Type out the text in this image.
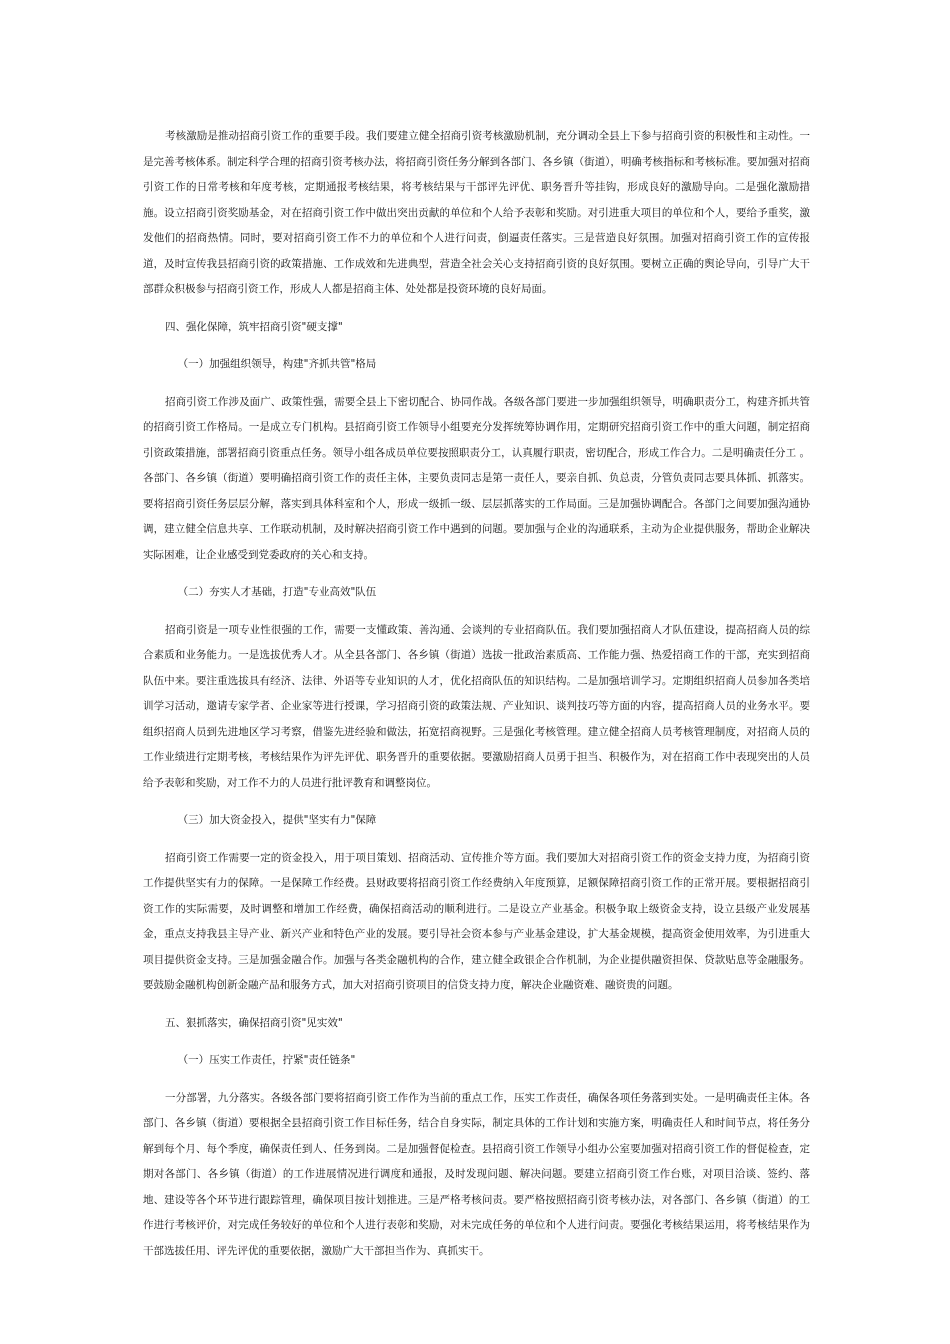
考核激励是推动招商引资工作的重要手段。我们要建立健全招商引资考核激励机制，充分调动全县上下参与招商引资的积极性和主动性。一是完善考核体系。制定科学合理的招商引资考核办法，将招商引资任务分解到各部门、各乡镇（街道），明确考核指标和考核标准。要加强对招商引资工作的日常考核和年度考核，定期通报考核结果，将考核结果与干部评先评优、职务晋升等挂钩，形成良好的激励导向。二是强化激励措施。设立招商引资奖励基金，对在招商引资工作中做出突出贡献的单位和个人给予表彰和奖励。对引进重大项目的单位和个人，要给予重奖，激发他们的招商热情。同时，要对招商引资工作不力的单位和个人进行问责，倒逼责任落实。三是营造良好氛围。加强对招商引资工作的宣传报道，及时宣传我县招商引资的政策措施、工作成效和先进典型，营造全社会关心支持招商引资的良好氛围。要树立正确的舆论导向，引导广大干部群众积极参与招商引资工作，形成人人都是招商主体、处处都是投资环境的良好局面。

四、强化保障，筑牢招商引资"硬支撑"

（一）加强组织领导，构建"齐抓共管"格局

招商引资工作涉及面广、政策性强，需要全县上下密切配合、协同作战。各级各部门要进一步加强组织领导，明确职责分工，构建齐抓共管的招商引资工作格局。一是成立专门机构。县招商引资工作领导小组要充分发挥统筹协调作用，定期研究招商引资工作中的重大问题，制定招商引资政策措施，部署招商引资重点任务。领导小组各成员单位要按照职责分工，认真履行职责，密切配合，形成工作合力。二是明确责任分工 。各部门、各乡镇（街道）要明确招商引资工作的责任主体，主要负责同志是第一责任人，要亲自抓、负总责，分管负责同志要具体抓、抓落实。要将招商引资任务层层分解，落实到具体科室和个人，形成一级抓一级、层层抓落实的工作局面。三是加强协调配合。各部门之间要加强沟通协调，建立健全信息共享、工作联动机制，及时解决招商引资工作中遇到的问题。要加强与企业的沟通联系，主动为企业提供服务，帮助企业解决实际困难，让企业感受到党委政府的关心和支持。

（二）夯实人才基础，打造"专业高效"队伍

招商引资是一项专业性很强的工作，需要一支懂政策、善沟通、会谈判的专业招商队伍。我们要加强招商人才队伍建设，提高招商人员的综合素质和业务能力。一是选拔优秀人才。从全县各部门、各乡镇（街道）选拔一批政治素质高、工作能力强、热爱招商工作的干部，充实到招商队伍中来。要注重选拔具有经济、法律、外语等专业知识的人才，优化招商队伍的知识结构。二是加强培训学习。定期组织招商人员参加各类培训学习活动，邀请专家学者、企业家等进行授课，学习招商引资的政策法规、产业知识、谈判技巧等方面的内容，提高招商人员的业务水平。要组织招商人员到先进地区学习考察，借鉴先进经验和做法，拓宽招商视野。三是强化考核管理。建立健全招商人员考核管理制度，对招商人员的工作业绩进行定期考核，考核结果作为评先评优、职务晋升的重要依据。要激励招商人员勇于担当、积极作为，对在招商工作中表现突出的人员给予表彰和奖励，对工作不力的人员进行批评教育和调整岗位。

（三）加大资金投入，提供"坚实有力"保障

招商引资工作需要一定的资金投入，用于项目策划、招商活动、宣传推介等方面。我们要加大对招商引资工作的资金支持力度，为招商引资工作提供坚实有力的保障。一是保障工作经费。县财政要将招商引资工作经费纳入年度预算，足额保障招商引资工作的正常开展。要根据招商引资工作的实际需要，及时调整和增加工作经费，确保招商活动的顺利进行。二是设立产业基金。积极争取上级资金支持，设立县级产业发展基金，重点支持我县主导产业、新兴产业和特色产业的发展。要引导社会资本参与产业基金建设，扩大基金规模，提高资金使用效率，为引进重大项目提供资金支持。三是加强金融合作。加强与各类金融机构的合作，建立健全政银企合作机制，为企业提供融资担保、贷款贴息等金融服务。要鼓励金融机构创新金融产品和服务方式，加大对招商引资项目的信贷支持力度，解决企业融资难、融资贵的问题。

五、狠抓落实，确保招商引资"见实效"

（一）压实工作责任，拧紧"责任链条"

一分部署，九分落实。各级各部门要将招商引资工作作为当前的重点工作，压实工作责任，确保各项任务落到实处。一是明确责任主体。各部门、各乡镇（街道）要根据全县招商引资工作目标任务，结合自身实际，制定具体的工作计划和实施方案，明确责任人和时间节点，将任务分解到每个月、每个季度，确保责任到人、任务到岗。二是加强督促检查。县招商引资工作领导小组办公室要加强对招商引资工作的督促检查，定期对各部门、各乡镇（街道）的工作进展情况进行调度和通报，及时发现问题、解决问题。要建立招商引资工作台账，对项目洽谈、签约、落地、建设等各个环节进行跟踪管理，确保项目按计划推进。三是严格考核问责。要严格按照招商引资考核办法，对各部门、各乡镇（街道）的工作进行考核评价，对完成任务较好的单位和个人进行表彰和奖励，对未完成任务的单位和个人进行问责。要强化考核结果运用，将考核结果作为干部选拔任用、评先评优的重要依据，激励广大干部担当作为、真抓实干。
